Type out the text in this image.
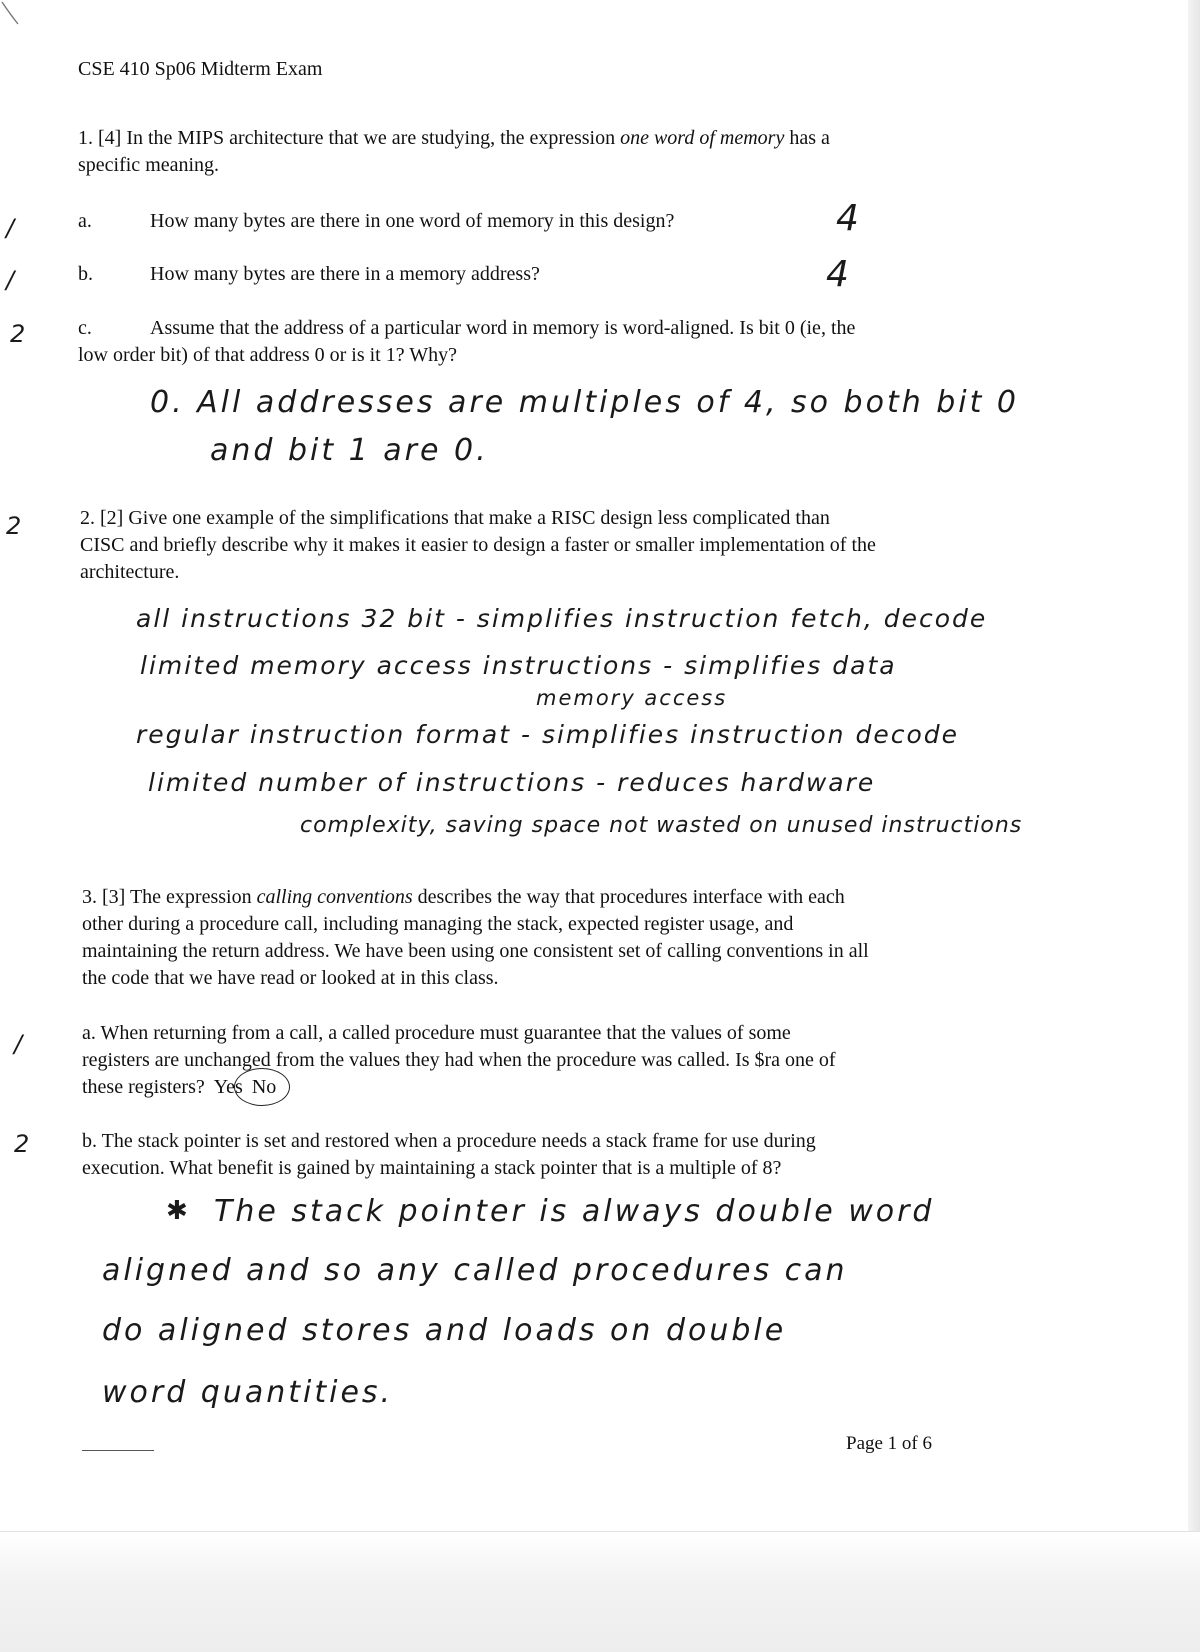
CSE 410 Sp06 Midterm Exam
1. [4] In the MIPS architecture that we are studying, the expression one word of memory has a
specific meaning.
/	a.	How many bytes are there in one word of memory in this design?	4
/	b.	How many bytes are there in a memory address?	4
2	c.	Assume that the address of a particular word in memory is word-aligned. Is bit 0 (ie, the
low order bit) of that address 0 or is it 1? Why?
0. All addresses are multiples of 4, so both bit 0
and bit 1 are 0.
2	2. [2] Give one example of the simplifications that make a RISC design less complicated than
CISC and briefly describe why it makes it easier to design a faster or smaller implementation of the
architecture.
all instructions 32 bit - simplifies instruction fetch, decode
limited memory access instructions - simplifies data
memory access
regular instruction format - simplifies instruction decode
limited number of instructions - reduces hardware
complexity, saving space not wasted on unused instructions
3. [3] The expression calling conventions describes the way that procedures interface with each
other during a procedure call, including managing the stack, expected register usage, and
maintaining the return address. We have been using one consistent set of calling conventions in all
the code that we have read or looked at in this class.
/	a. When returning from a call, a called procedure must guarantee that the values of some
registers are unchanged from the values they had when the procedure was called. Is $ra one of
these registers? Yes No
2	b. The stack pointer is set and restored when a procedure needs a stack frame for use during
execution. What benefit is gained by maintaining a stack pointer that is a multiple of 8?
✱ The stack pointer is always double word
aligned and so any called procedures can
do aligned stores and loads on double
word quantities.
Page 1 of 6
